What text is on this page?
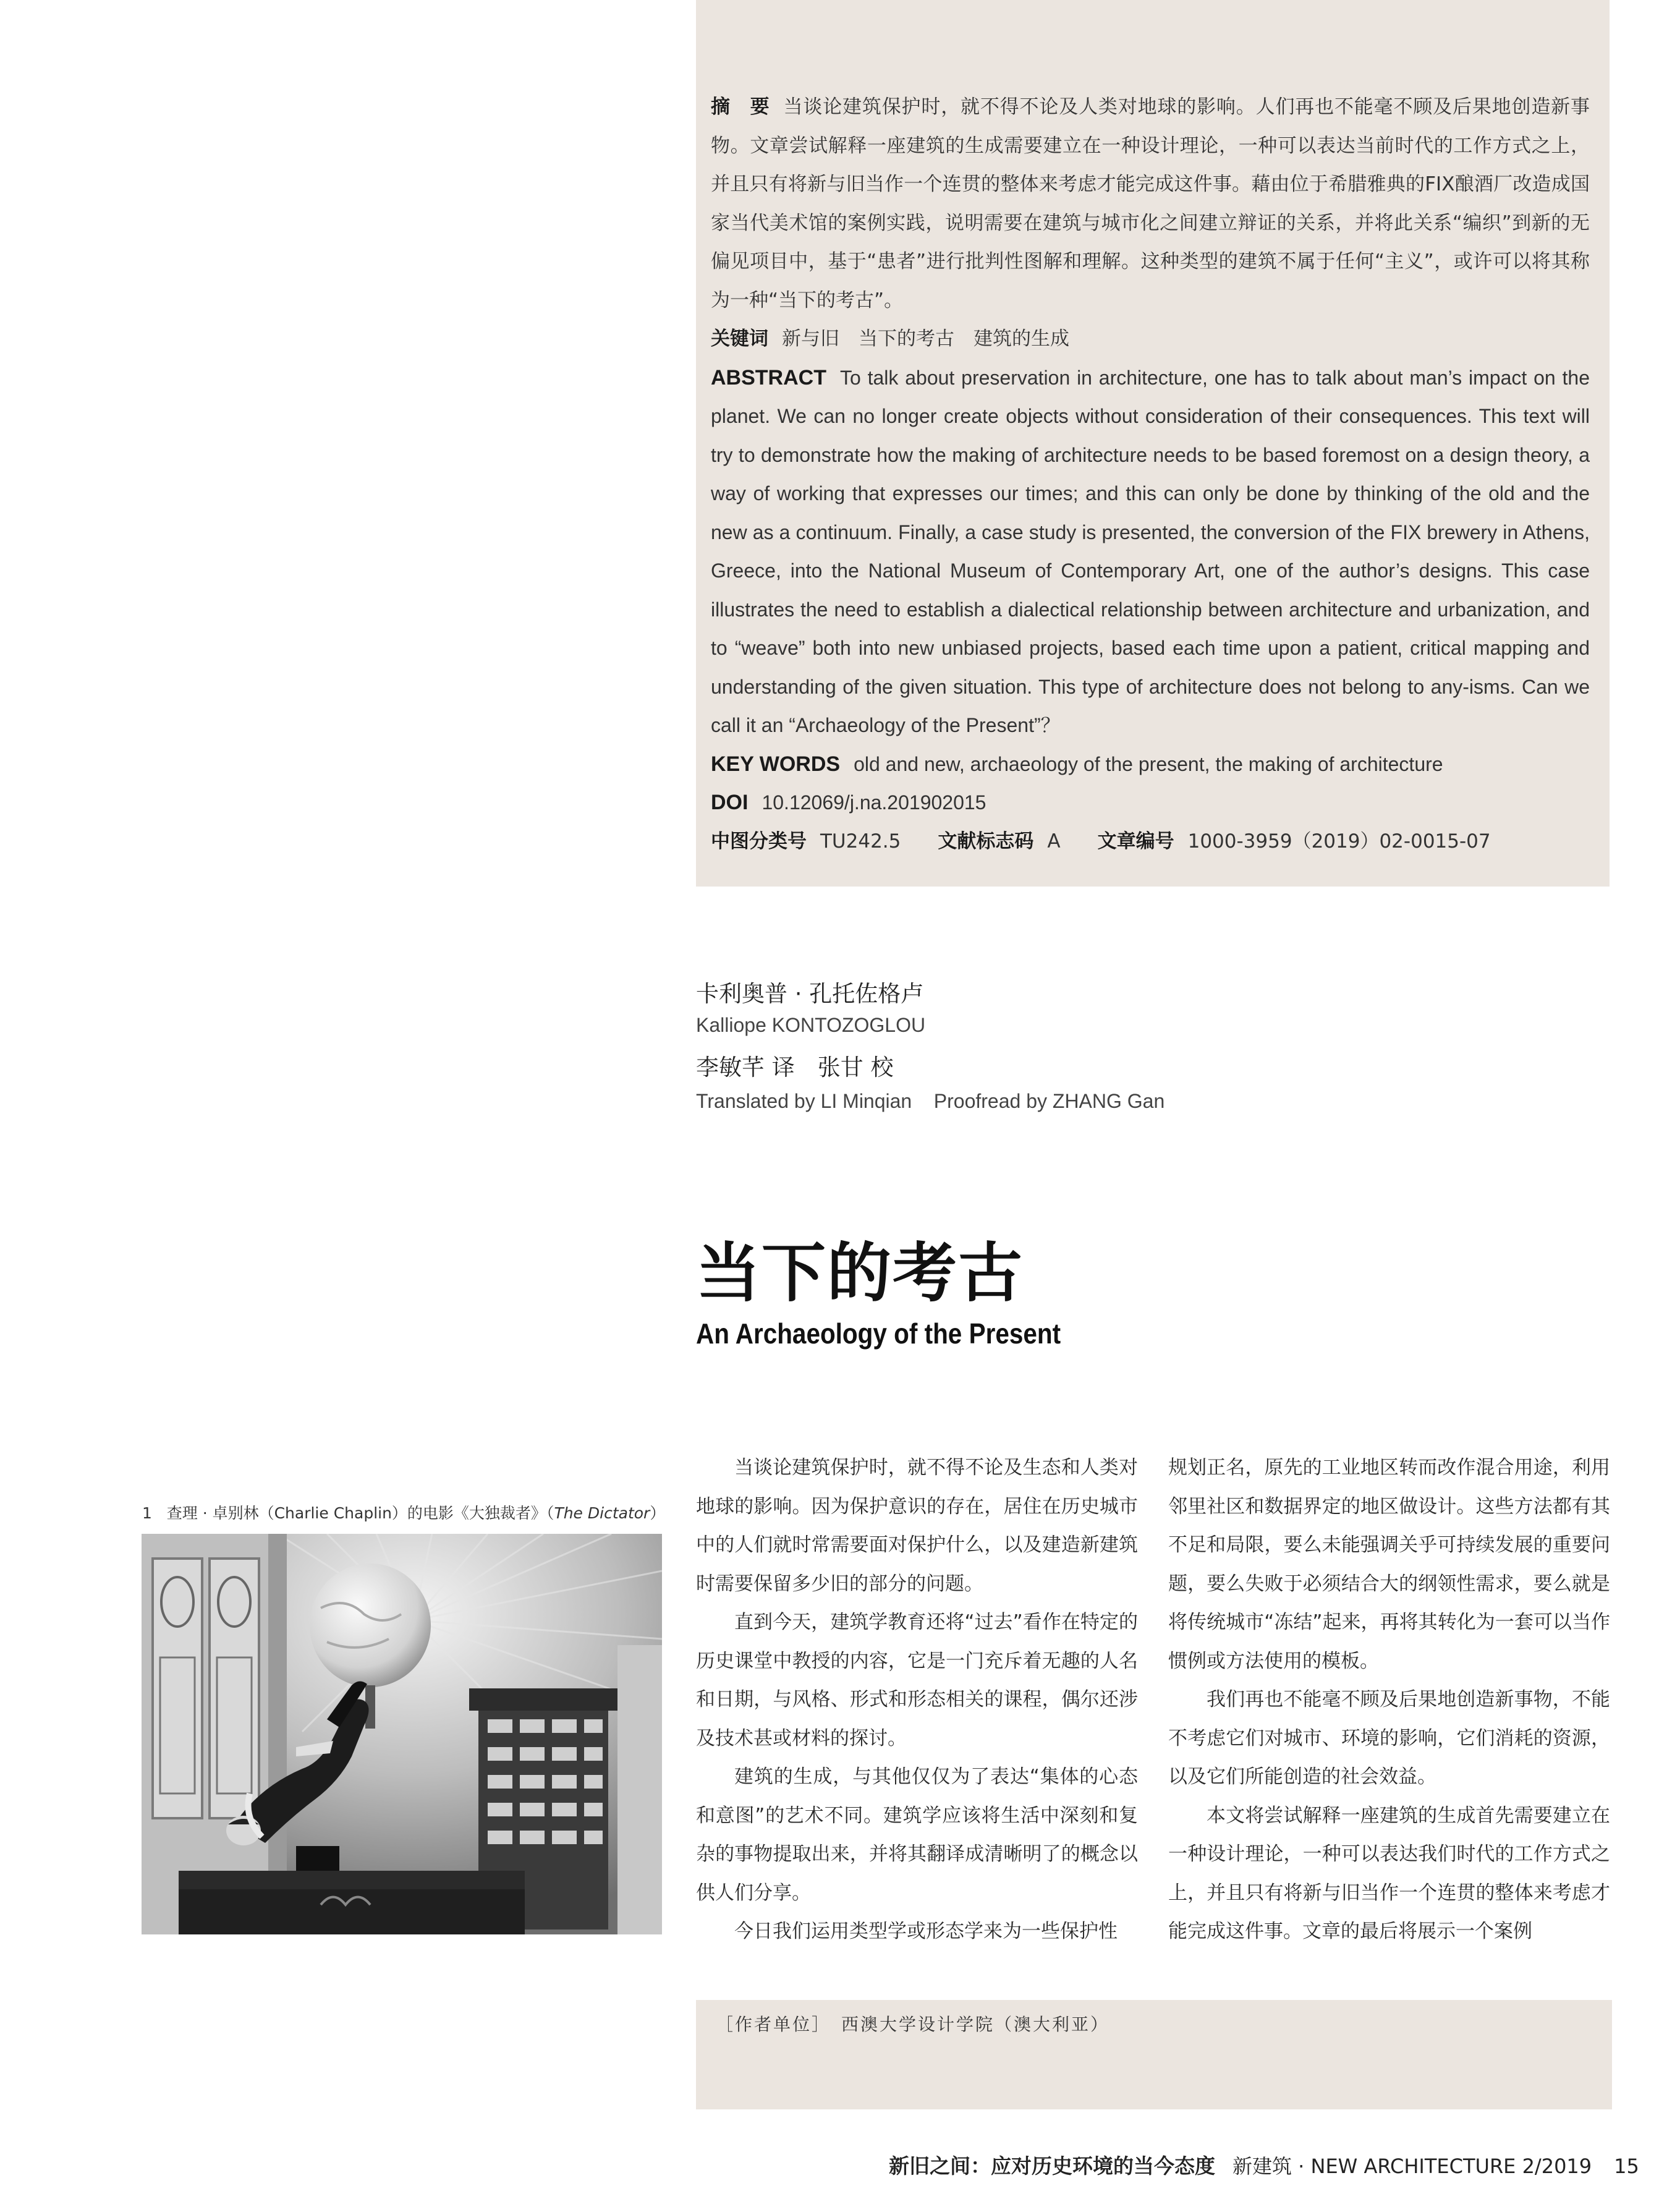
摘　要 当谈论建筑保护时，就不得不论及人类对地球的影响。人们再也不能毫不顾及后果地创造新事物。文章尝试解释一座建筑的生成需要建立在一种设计理论，一种可以表达当前时代的工作方式之上，并且只有将新与旧当作一个连贯的整体来考虑才能完成这件事。藉由位于希腊雅典的FIX酿酒厂改造成国家当代美术馆的案例实践，说明需要在建筑与城市化之间建立辩证的关系，并将此关系“编织”到新的无偏见项目中，基于“患者”进行批判性图解和理解。这种类型的建筑不属于任何“主义”，或许可以将其称为一种“当下的考古”。

关键词 新与旧　当下的考古　建筑的生成

ABSTRACT To talk about preservation in architecture, one has to talk about man’s impact on the planet. We can no longer create objects without consideration of their consequences. This text will try to demonstrate how the making of architecture needs to be based foremost on a design theory, a way of working that expresses our times; and this can only be done by thinking of the old and the new as a continuum. Finally, a case study is presented, the conversion of the FIX brewery in Athens, Greece, into the National Museum of Contemporary Art, one of the author’s designs. This case illustrates the need to establish a dialectical relationship between architecture and urbanization, and to “weave” both into new unbiased projects, based each time upon a patient, critical mapping and understanding of the given situation. This type of architecture does not belong to any-isms. Can we call it an “Archaeology of the Present”？

KEY WORDS old and new, archaeology of the present, the making of architecture

DOI 10.12069/j.na.201902015

中图分类号 TU242.5 文献标志码 A 文章编号 1000-3959（2019）02-0015-07

卡利奥普 · 孔托佐格卢
Kalliope KONTOZOGLOU
李敏芊 译　张甘 校
Translated by LI Minqian    Proofread by ZHANG Gan
当下的考古
An Archaeology of the Present
1 查理 · 卓别林（Charlie Chaplin）的电影《大独裁者》（The Dictator）

当谈论建筑保护时，就不得不论及生态和人类对地球的影响。因为保护意识的存在，居住在历史城市中的人们就时常需要面对保护什么，以及建造新建筑时需要保留多少旧的部分的问题。

直到今天，建筑学教育还将“过去”看作在特定的历史课堂中教授的内容，它是一门充斥着无趣的人名和日期，与风格、形式和形态相关的课程，偶尔还涉及技术甚或材料的探讨。

建筑的生成，与其他仅仅为了表达“集体的心态和意图”的艺术不同。建筑学应该将生活中深刻和复杂的事物提取出来，并将其翻译成清晰明了的概念以供人们分享。

今日我们运用类型学或形态学来为一些保护性

规划正名，原先的工业地区转而改作混合用途，利用邻里社区和数据界定的地区做设计。这些方法都有其不足和局限，要么未能强调关乎可持续发展的重要问题，要么失败于必须结合大的纲领性需求，要么就是将传统城市“冻结”起来，再将其转化为一套可以当作惯例或方法使用的模板。

我们再也不能毫不顾及后果地创造新事物，不能不考虑它们对城市、环境的影响，它们消耗的资源，以及它们所能创造的社会效益。

本文将尝试解释一座建筑的生成首先需要建立在一种设计理论，一种可以表达我们时代的工作方式之上，并且只有将新与旧当作一个连贯的整体来考虑才能完成这件事。文章的最后将展示一个案例

［作者单位］　西澳大学设计学院（澳大利亚）
新旧之间：应对历史环境的当今态度 新建筑 · NEW ARCHITECTURE 2/2019 15
